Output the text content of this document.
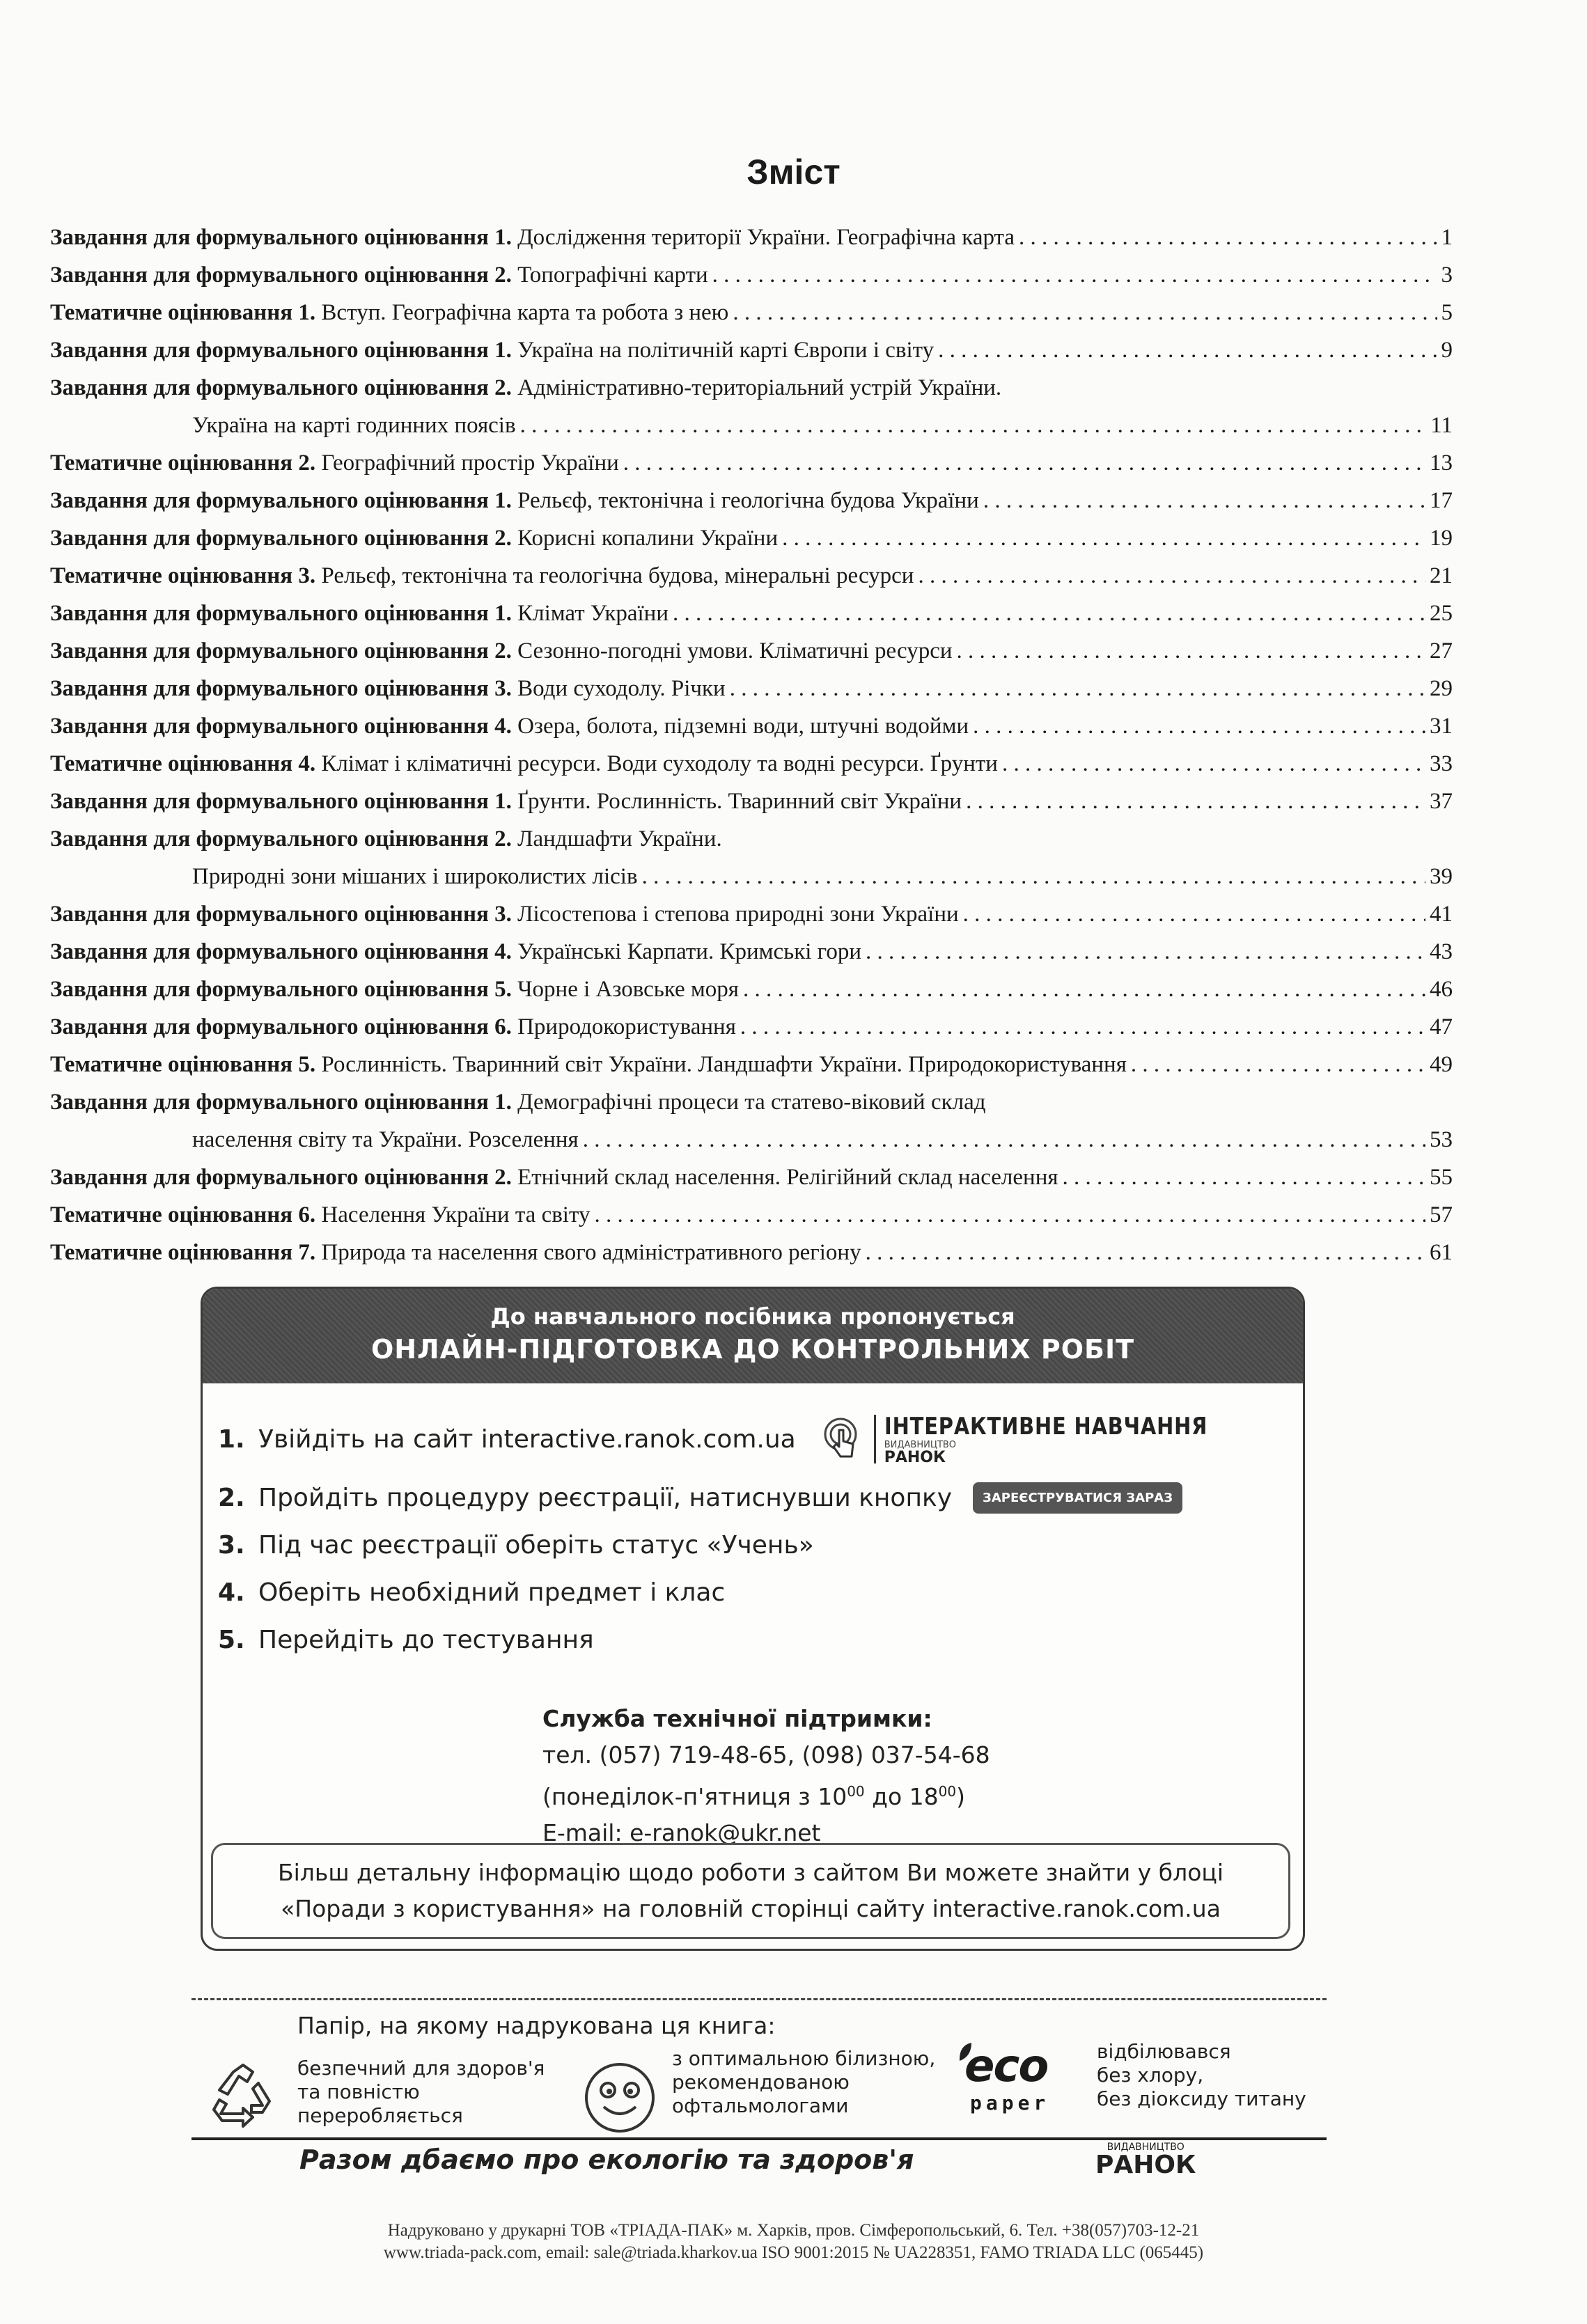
Зміст
Завдання для формувального оцінювання 1. Дослідження території України. Географічна карта . . .	1
Завдання для формувального оцінювання 2. Топографічні карти . . .	3
Тематичне оцінювання 1. Вступ. Географічна карта та робота з нею . . .	5
Завдання для формувального оцінювання 1. Україна на політичній карті Європи і світу . . .	9
Завдання для формувального оцінювання 2. Адміністративно-територіальний устрій України.
Україна на карті годинних поясів . . .	11
Тематичне оцінювання 2. Географічний простір України . . .	13
Завдання для формувального оцінювання 1. Рельєф, тектонічна і геологічна будова України . . .	17
Завдання для формувального оцінювання 2. Корисні копалини України . . .	19
Тематичне оцінювання 3. Рельєф, тектонічна та геологічна будова, мінеральні ресурси . . .	21
Завдання для формувального оцінювання 1. Клімат України . . .	25
Завдання для формувального оцінювання 2. Сезонно-погодні умови. Кліматичні ресурси . . .	27
Завдання для формувального оцінювання 3. Води суходолу. Річки . . .	29
Завдання для формувального оцінювання 4. Озера, болота, підземні води, штучні водойми . . .	31
Тематичне оцінювання 4. Клімат і кліматичні ресурси. Води суходолу та водні ресурси. Ґрунти . . .	33
Завдання для формувального оцінювання 1. Ґрунти. Рослинність. Тваринний світ України . . .	37
Завдання для формувального оцінювання 2. Ландшафти України.
Природні зони мішаних і широколистих лісів . . .	39
Завдання для формувального оцінювання 3. Лісостепова і степова природні зони України . . .	41
Завдання для формувального оцінювання 4. Українські Карпати. Кримські гори . . .	43
Завдання для формувального оцінювання 5. Чорне і Азовське моря . . .	46
Завдання для формувального оцінювання 6. Природокористування . . .	47
Тематичне оцінювання 5. Рослинність. Тваринний світ України. Ландшафти України. Природокористування . . .	49
Завдання для формувального оцінювання 1. Демографічні процеси та статево-віковий склад
населення світу та України. Розселення . . .	53
Завдання для формувального оцінювання 2. Етнічний склад населення. Релігійний склад населення . . .	55
Тематичне оцінювання 6. Населення України та світу . . .	57
Тематичне оцінювання 7. Природа та населення свого адміністративного регіону . . .	61
До навчального посібника пропонується
ОНЛАЙН-ПІДГОТОВКА ДО КОНТРОЛЬНИХ РОБІТ
1. Увійдіть на сайт interactive.ranok.com.ua	ІНТЕРАКТИВНЕ НАВЧАННЯ
ВИДАВНИЦТВО
РАНОК
2. Пройдіть процедуру реєстрації, натиснувши кнопку	ЗАРЕЄСТРУВАТИСЯ ЗАРАЗ
3. Під час реєстрації оберіть статус «Учень»
4. Оберіть необхідний предмет і клас
5. Перейдіть до тестування
Служба технічної підтримки:
тел. (057) 719-48-65, (098) 037-54-68
(понеділок-п'ятниця з $10^{00}$ до $18^{00}$)
E-mail: e-ranok@ukr.net
Більш детальну інформацію щодо роботи з сайтом Ви можете знайти у блоці
«Поради з користування» на головній сторінці сайту interactive.ranok.com.ua
Папір, на якому надрукована ця книга:
безпечний для здоров'я
та повністю
переробляється
з оптимальною білизною,
рекомендованою
офтальмологами
eco
paper
відбілювався
без хлору,
без діоксиду титану
Разом дбаємо про екологію та здоров'я	ВИДАВНИЦТВО
РАНОК
Надруковано у друкарні ТОВ «ТРІАДА-ПАК» м. Харків, пров. Сімферопольський, 6. Тел. +38(057)703-12-21
www.triada-pack.com, email: sale@triada.kharkov.ua ISO 9001:2015 № UA228351, FAMO TRIADA LLC (065445)
